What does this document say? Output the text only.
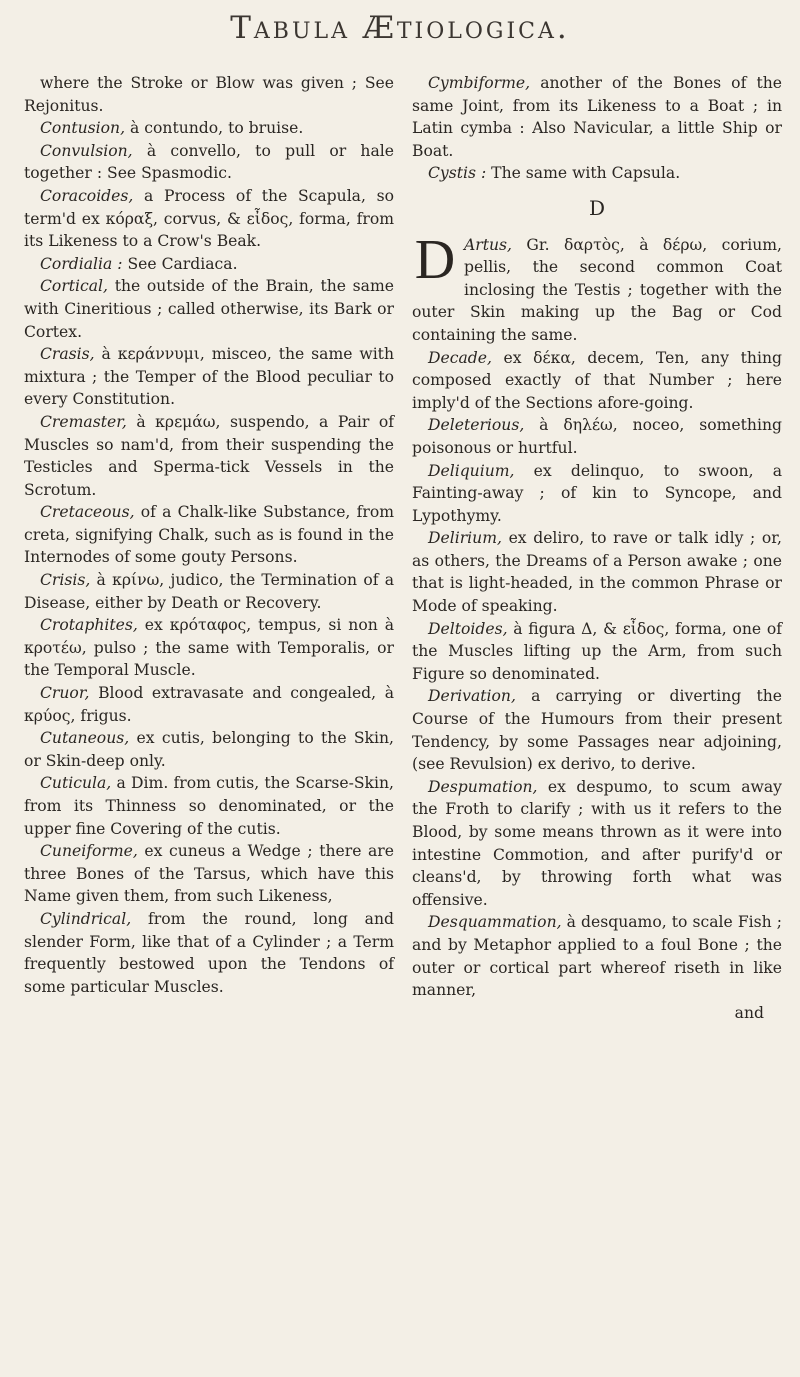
Tabula Ætiologica.

where the Stroke or Blow was given ; See Rejonitus.

Contusion, à contundo, to bruise.

Convulsion, à convello, to pull or hale together : See Spasmodic.

Coracoides, a Process of the Scapula, so term'd ex κόραξ, corvus, & εἶδος, forma, from its Likeness to a Crow's Beak.

Cordialia : See Cardiaca.

Cortical, the outside of the Brain, the same with Cineritious ; called otherwise, its Bark or Cortex.

Crasis, à κεράννυμι, misceo, the same with mixtura ; the Temper of the Blood peculiar to every Constitution.

Cremaster, à κρεμάω, suspendo, a Pair of Muscles so nam'd, from their suspending the Testicles and Sperma-tick Vessels in the Scrotum.

Cretaceous, of a Chalk-like Substance, from creta, signifying Chalk, such as is found in the Internodes of some gouty Persons.

Crisis, à κρίνω, judico, the Termination of a Disease, either by Death or Recovery.

Crotaphites, ex κρόταφος, tempus, si non à κροτέω, pulso ; the same with Temporalis, or the Temporal Muscle.

Cruor, Blood extravasate and congealed, à κρύος, frigus.

Cutaneous, ex cutis, belonging to the Skin, or Skin-deep only.

Cuticula, a Dim. from cutis, the Scarse-Skin, from its Thinness so denominated, or the upper fine Covering of the cutis.

Cuneiforme, ex cuneus a Wedge ; there are three Bones of the Tarsus, which have this Name given them, from such Likeness,

Cylindrical, from the round, long and slender Form, like that of a Cylinder ; a Term frequently bestowed upon the Tendons of some particular Muscles.

Cymbiforme, another of the Bones of the same Joint, from its Likeness to a Boat ; in Latin cymba : Also Navicular, a little Ship or Boat.

Cystis : The same with Capsula.

D

D Artus, Gr. δαρτὸς, à δέρω, corium, pellis, the second common Coat inclosing the Testis ; together with the outer Skin making up the Bag or Cod containing the same.

Decade, ex δέκα, decem, Ten, any thing composed exactly of that Number ; here imply'd of the Sections afore-going.

Deleterious, à δηλέω, noceo, something poisonous or hurtful.

Deliquium, ex delinquo, to swoon, a Fainting-away ; of kin to Syncope, and Lypothymy.

Delirium, ex deliro, to rave or talk idly ; or, as others, the Dreams of a Person awake ; one that is light-headed, in the common Phrase or Mode of speaking.

Deltoides, à figura Δ, & εἶδος, forma, one of the Muscles lifting up the Arm, from such Figure so denominated.

Derivation, a carrying or diverting the Course of the Humours from their present Tendency, by some Passages near adjoining, (see Revulsion) ex derivo, to derive.

Despumation, ex despumo, to scum away the Froth to clarify ; with us it refers to the Blood, by some means thrown as it were into intestine Commotion, and after purify'd or cleans'd, by throwing forth what was offensive.

Desquammation, à desquamo, to scale Fish ; and by Metaphor applied to a foul Bone ; the outer or cortical part whereof riseth in like manner,

and
